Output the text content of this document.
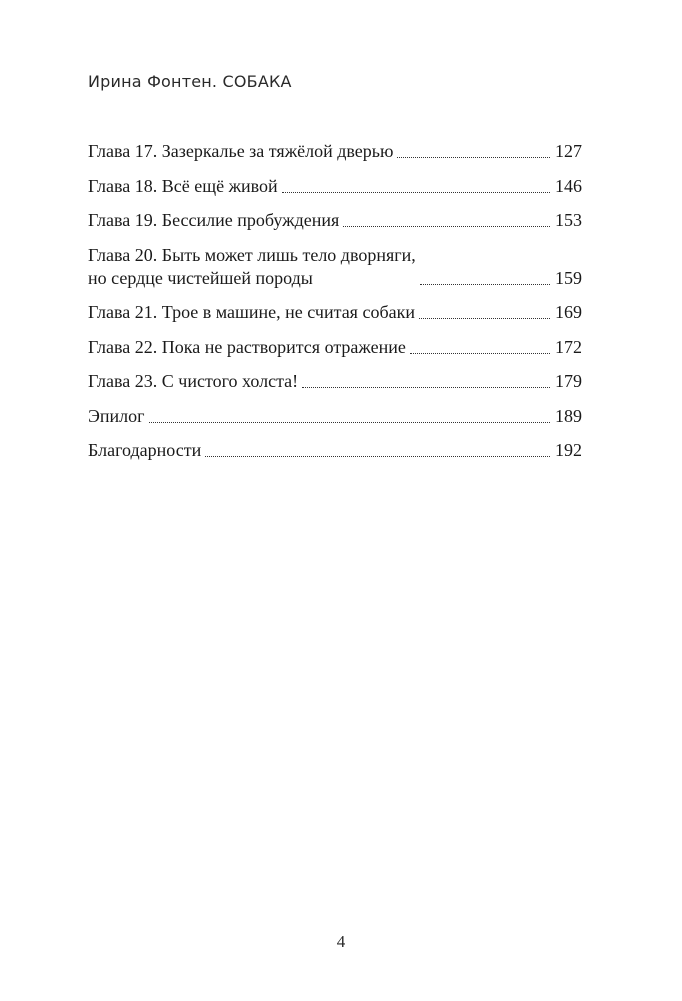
Ирина Фонтен. СОБАКА
Глава 17. Зазеркалье за тяжёлой дверью	127
Глава 18. Всё ещё живой	146
Глава 19. Бессилие пробуждения	153
Глава 20. Быть может лишь тело дворняги,
но сердце чистейшей породы	159
Глава 21. Трое в машине, не считая собаки	169
Глава 22. Пока не растворится отражение	172
Глава 23. С чистого холста!	179
Эпилог	189
Благодарности	192
4
